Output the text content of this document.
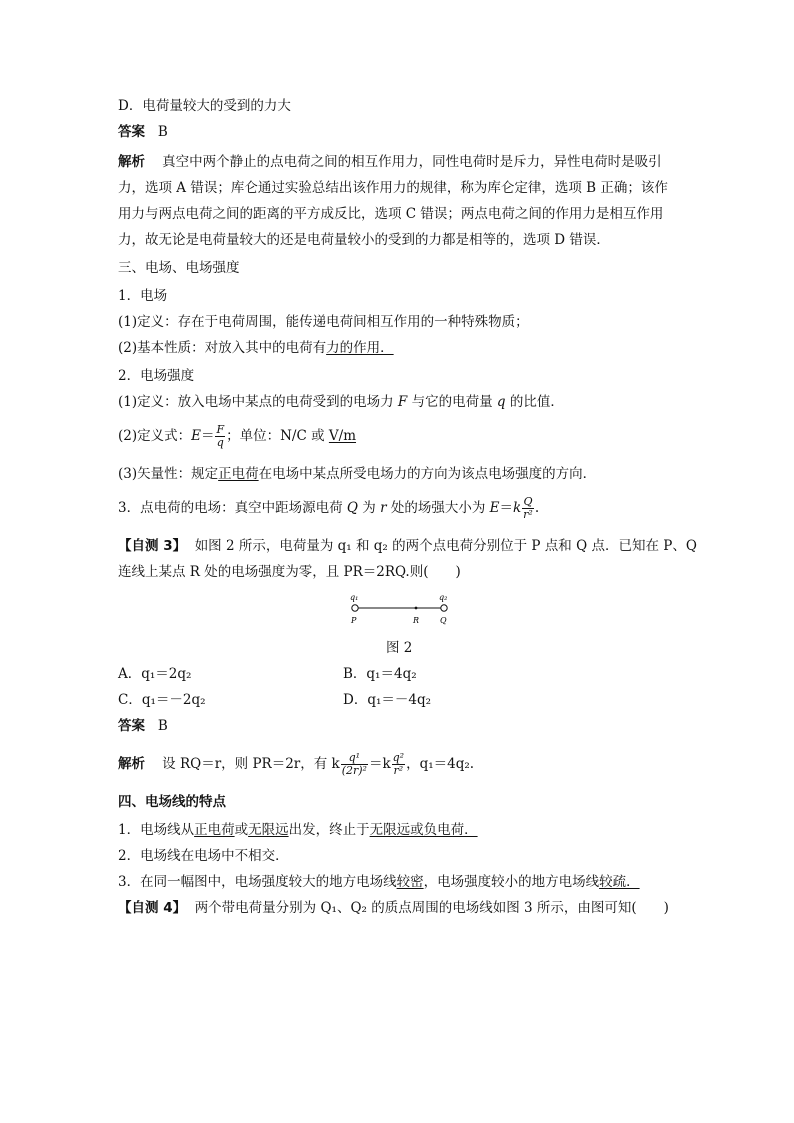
D．电荷量较大的受到的力大
答案 B
解析 真空中两个静止的点电荷之间的相互作用力，同性电荷时是斥力，异性电荷时是吸引
力，选项 A 错误；库仑通过实验总结出该作用力的规律，称为库仑定律，选项 B 正确；该作
用力与两点电荷之间的距离的平方成反比，选项 C 错误；两点电荷之间的作用力是相互作用
力，故无论是电荷量较大的还是电荷量较小的受到的力都是相等的，选项 D 错误．
三、电场、电场强度
1．电场
(1)定义：存在于电荷周围，能传递电荷间相互作用的一种特殊物质；
(2)基本性质：对放入其中的电荷有力的作用．
2．电场强度
(1)定义：放入电场中某点的电荷受到的电场力 F 与它的电荷量 q 的比值．
(2)定义式：$E= \frac{F}{q}$ ；单位：N/C 或 V/m
(3)矢量性：规定正电荷在电场中某点所受电场力的方向为该点电场强度的方向．
3．点电荷的电场：真空中距场源电荷 Q 为 r 处的场强大小为 $E=k \frac{Q}{\text{r²}}$ .
【自测 3】 如图 2 所示，电荷量为 q₁ 和 q₂ 的两个点电荷分别位于 P 点和 Q 点．已知在 P、Q
连线上某点 R 处的电场强度为零，且 PR＝2RQ.则(　　)
q₁	q₂
P	R	Q
图 2
A．q₁＝2q₂	B．q₁＝4q₂
C．q₁＝－2q₂	D．q₁＝－4q₂
答案 B
解析 设 RQ＝r，则 PR＝2r，有 k $\frac{\text{q¹}}{\text{(2r)²}} =k \frac{\text{q²}}{\text{r²}}$ ，q₁＝4q₂.
四、电场线的特点
1．电场线从正电荷或无限远出发，终止于无限远或负电荷．
2．电场线在电场中不相交．
3．在同一幅图中，电场强度较大的地方电场线较密，电场强度较小的地方电场线较疏．
【自测 4】 两个带电荷量分别为 Q₁、Q₂ 的质点周围的电场线如图 3 所示，由图可知(　　)
